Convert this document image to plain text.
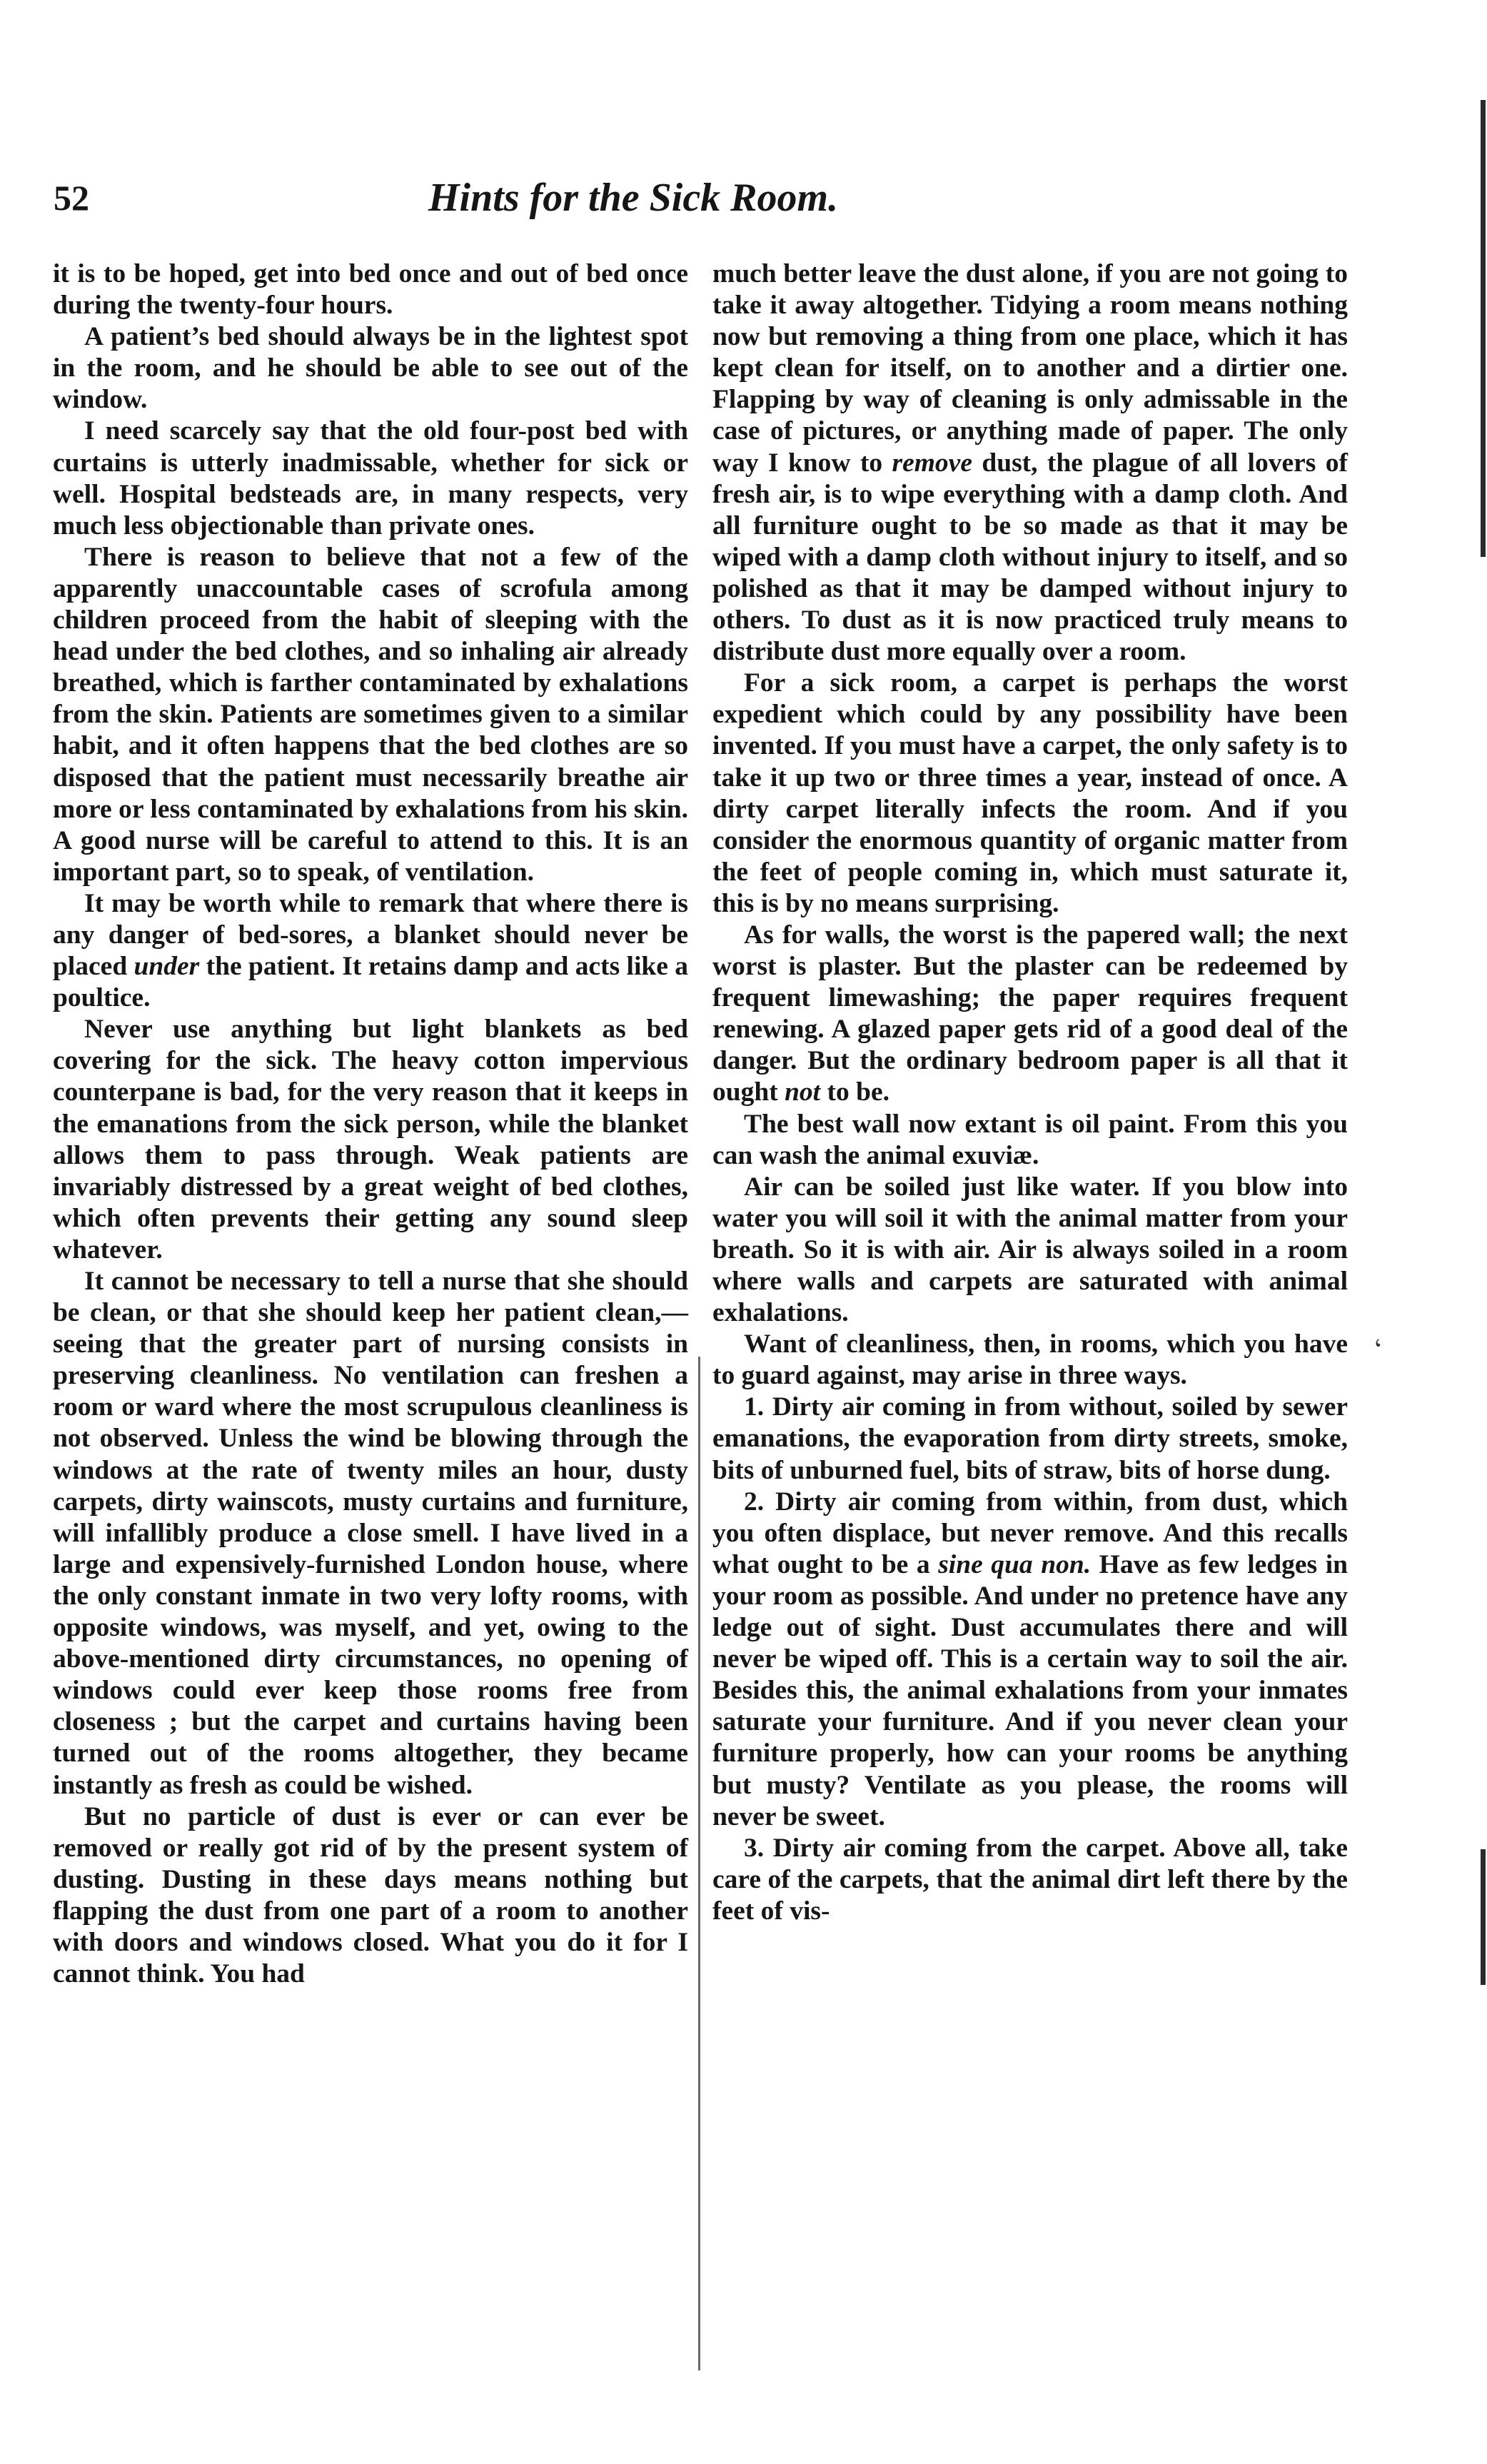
52	Hints for the Sick Room.

it is to be hoped, get into bed once and out of bed once during the twenty-four hours.

A patient’s bed should always be in the lightest spot in the room, and he should be able to see out of the window.

I need scarcely say that the old four-post bed with curtains is utterly inadmissable, whether for sick or well. Hospital bedsteads are, in many respects, very much less objectionable than private ones.

There is reason to believe that not a few of the apparently unaccountable cases of scrofula among children proceed from the habit of sleeping with the head under the bed clothes, and so inhaling air already breathed, which is farther contaminated by exhalations from the skin. Patients are sometimes given to a similar habit, and it often happens that the bed clothes are so disposed that the patient must necessarily breathe air more or less contaminated by exhalations from his skin. A good nurse will be careful to attend to this. It is an important part, so to speak, of ventilation.

It may be worth while to remark that where there is any danger of bed-sores, a blanket should never be placed under the patient. It retains damp and acts like a poultice.

Never use anything but light blankets as bed covering for the sick. The heavy cotton impervious counterpane is bad, for the very reason that it keeps in the emanations from the sick person, while the blanket allows them to pass through. Weak patients are invariably distressed by a great weight of bed clothes, which often prevents their getting any sound sleep whatever.

It cannot be necessary to tell a nurse that she should be clean, or that she should keep her patient clean,—seeing that the greater part of nursing consists in preserving cleanliness. No ventilation can freshen a room or ward where the most scrupulous cleanliness is not observed. Unless the wind be blowing through the windows at the rate of twenty miles an hour, dusty carpets, dirty wainscots, musty curtains and furniture, will infallibly produce a close smell. I have lived in a large and expensively-furnished London house, where the only constant inmate in two very lofty rooms, with opposite windows, was myself, and yet, owing to the above-mentioned dirty circumstances, no opening of windows could ever keep those rooms free from closeness ; but the carpet and curtains having been turned out of the rooms altogether, they became instantly as fresh as could be wished.

But no particle of dust is ever or can ever be removed or really got rid of by the present system of dusting. Dusting in these days means nothing but flapping the dust from one part of a room to another with doors and windows closed. What you do it for I cannot think. You had

much better leave the dust alone, if you are not going to take it away altogether. Tidying a room means nothing now but removing a thing from one place, which it has kept clean for itself, on to another and a dirtier one. Flapping by way of cleaning is only admissable in the case of pictures, or anything made of paper. The only way I know to remove dust, the plague of all lovers of fresh air, is to wipe everything with a damp cloth. And all furniture ought to be so made as that it may be wiped with a damp cloth without injury to itself, and so polished as that it may be damped without injury to others. To dust as it is now practiced truly means to distribute dust more equally over a room.

For a sick room, a carpet is perhaps the worst expedient which could by any possibility have been invented. If you must have a carpet, the only safety is to take it up two or three times a year, instead of once. A dirty carpet literally infects the room. And if you consider the enormous quantity of organic matter from the feet of people coming in, which must saturate it, this is by no means surprising.

As for walls, the worst is the papered wall; the next worst is plaster. But the plaster can be redeemed by frequent limewashing; the paper requires frequent renewing. A glazed paper gets rid of a good deal of the danger. But the ordinary bedroom paper is all that it ought not to be.

The best wall now extant is oil paint. From this you can wash the animal exuviæ.

Air can be soiled just like water. If you blow into water you will soil it with the animal matter from your breath. So it is with air. Air is always soiled in a room where walls and carpets are saturated with animal exhalations.

Want of cleanliness, then, in rooms, which you have to guard against, may arise in three ways.

1. Dirty air coming in from without, soiled by sewer emanations, the evaporation from dirty streets, smoke, bits of unburned fuel, bits of straw, bits of horse dung.

2. Dirty air coming from within, from dust, which you often displace, but never remove. And this recalls what ought to be a sine qua non. Have as few ledges in your room as possible. And under no pretence have any ledge out of sight. Dust accumulates there and will never be wiped off. This is a certain way to soil the air. Besides this, the animal exhalations from your inmates saturate your furniture. And if you never clean your furniture properly, how can your rooms be anything but musty? Ventilate as you please, the rooms will never be sweet.

3. Dirty air coming from the carpet. Above all, take care of the carpets, that the animal dirt left there by the feet of vis-

‘
